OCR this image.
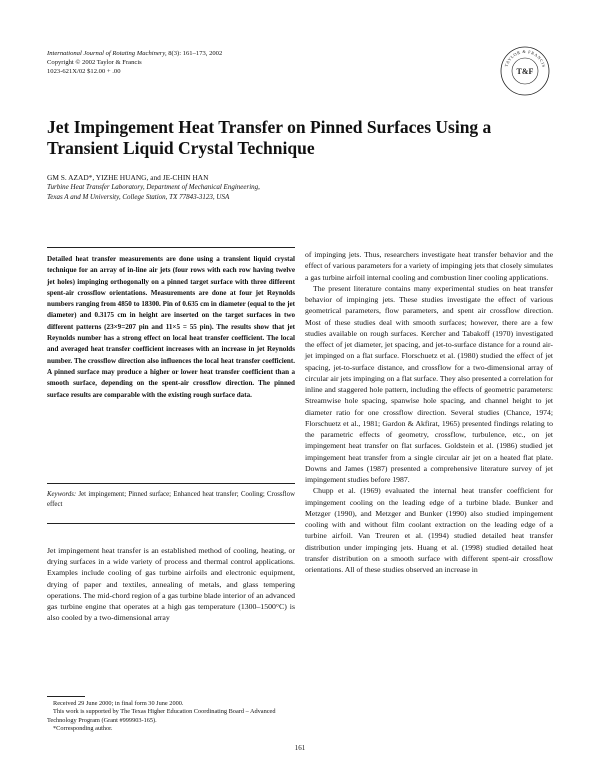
International Journal of Rotating Machinery, 8(3): 161–173, 2002
Copyright © 2002 Taylor & Francis
1023-621X/02 $12.00 + .00
TAYLOR & FRANCIS
T&F
Jet Impingement Heat Transfer on Pinned Surfaces Using a Transient Liquid Crystal Technique
GM S. AZAD*, YIZHE HUANG, and JE-CHIN HAN
Turbine Heat Transfer Laboratory, Department of Mechanical Engineering,
Texas A and M University, College Station, TX 77843-3123, USA

Detailed heat transfer measurements are done using a transient liquid crystal technique for an array of in-line air jets (four rows with each row having twelve jet holes) impinging orthogonally on a pinned target surface with three different spent-air crossflow orientations. Measurements are done at four jet Reynolds numbers ranging from 4850 to 18300. Pin of 0.635 cm in diameter (equal to the jet diameter) and 0.3175 cm in height are inserted on the target surfaces in two different patterns (23×9=207 pin and 11×5 = 55 pin). The results show that jet Reynolds number has a strong effect on local heat transfer coefficient. The local and averaged heat transfer coefficient increases with an increase in jet Reynolds number. The crossflow direction also influences the local heat transfer coefficient. A pinned surface may produce a higher or lower heat transfer coefficient than a smooth surface, depending on the spent-air crossflow direction. The pinned surface results are comparable with the existing rough surface data.

Keywords: Jet impingement; Pinned surface; Enhanced heat transfer; Cooling; Crossflow effect

Jet impingement heat transfer is an established method of cooling, heating, or drying surfaces in a wide variety of process and thermal control applications. Examples include cooling of gas turbine airfoils and electronic equipment, drying of paper and textiles, annealing of metals, and glass tempering operations. The mid-chord region of a gas turbine blade interior of an advanced gas turbine engine that operates at a high gas temperature (1300–1500°C) is also cooled by a two-dimensional array

Received 29 June 2000; in final form 30 June 2000.
This work is supported by The Texas Higher Education Coordinating Board – Advanced Technology Program (Grant #999903-165).
*Corresponding author.

of impinging jets. Thus, researchers investigate heat transfer behavior and the effect of various parameters for a variety of impinging jets that closely simulates a gas turbine airfoil internal cooling and combustion liner cooling applications.

The present literature contains many experimental studies on heat transfer behavior of impinging jets. These studies investigate the effect of various geometrical parameters, flow parameters, and spent air crossflow direction. Most of these studies deal with smooth surfaces; however, there are a few studies available on rough surfaces. Kercher and Tabakoff (1970) investigated the effect of jet diameter, jet spacing, and jet-to-surface distance for a round air-jet impinged on a flat surface. Florschuetz et al. (1980) studied the effect of jet spacing, jet-to-surface distance, and crossflow for a two-dimensional array of circular air jets impinging on a flat surface. They also presented a correlation for inline and staggered hole pattern, including the effects of geometric parameters: Streamwise hole spacing, spanwise hole spacing, and channel height to jet diameter ratio for one crossflow direction. Several studies (Chance, 1974; Florschuetz et al., 1981; Gardon & Akfirat, 1965) presented findings relating to the parametric effects of geometry, crossflow, turbulence, etc., on jet impingement heat transfer on flat surfaces. Goldstein et al. (1986) studied jet impingement heat transfer from a single circular air jet on a heated flat plate. Downs and James (1987) presented a comprehensive literature survey of jet impingement studies before 1987.

Chupp et al. (1969) evaluated the internal heat transfer coefficient for impingement cooling on the leading edge of a turbine blade. Bunker and Metzger (1990), and Metzger and Bunker (1990) also studied impingement cooling with and without film coolant extraction on the leading edge of a turbine airfoil. Van Treuren et al. (1994) studied detailed heat transfer distribution under impinging jets. Huang et al. (1998) studied detailed heat transfer distribution on a smooth surface with different spent-air crossflow orientations. All of these studies observed an increase in

161
